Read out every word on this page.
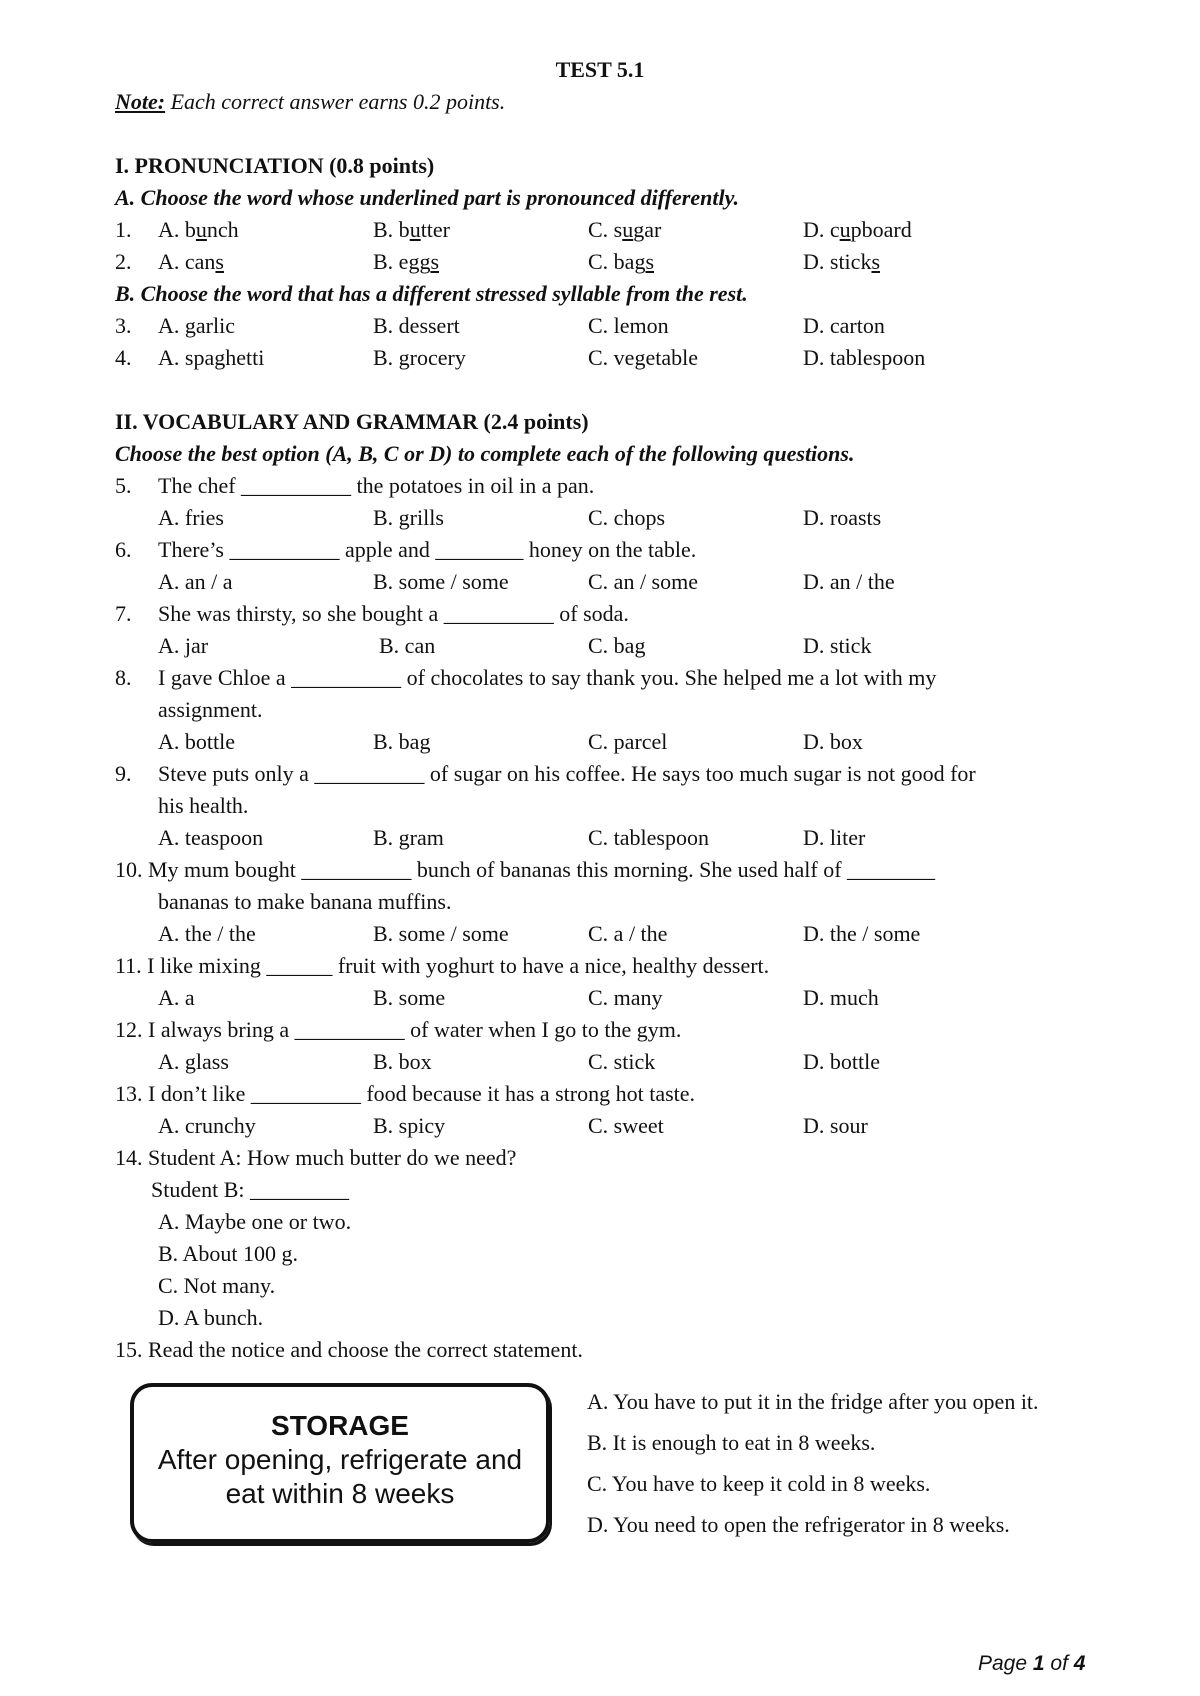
TEST 5.1
Note: Each correct answer earns 0.2 points.
I. PRONUNCIATION (0.8 points)
A. Choose the word whose underlined part is pronounced differently.
1. A. bunch	B. butter	C. sugar	D. cupboard
2. A. cans	B. eggs	C. bags	D. sticks
B. Choose the word that has a different stressed syllable from the rest.
3. A. garlic	B. dessert	C. lemon	D. carton
4. A. spaghetti	B. grocery	C. vegetable	D. tablespoon
II. VOCABULARY AND GRAMMAR (2.4 points)
Choose the best option (A, B, C or D) to complete each of the following questions.
5. The chef __________ the potatoes in oil in a pan.
A. fries	B. grills	C. chops	D. roasts
6. There’s __________ apple and ________ honey on the table.
A. an / a	B. some / some	C. an / some	D. an / the
7. She was thirsty, so she bought a __________ of soda.
A. jar	B. can	C. bag	D. stick
8. I gave Chloe a __________ of chocolates to say thank you. She helped me a lot with my
assignment.
A. bottle	B. bag	C. parcel	D. box
9. Steve puts only a __________ of sugar on his coffee. He says too much sugar is not good for
his health.
A. teaspoon	B. gram	C. tablespoon	D. liter
10. My mum bought __________ bunch of bananas this morning. She used half of ________
bananas to make banana muffins.
A. the / the	B. some / some	C. a / the	D. the / some
11. I like mixing ______ fruit with yoghurt to have a nice, healthy dessert.
A. a	B. some	C. many	D. much
12. I always bring a __________ of water when I go to the gym.
A. glass	B. box	C. stick	D. bottle
13. I don’t like __________ food because it has a strong hot taste.
A. crunchy	B. spicy	C. sweet	D. sour
14. Student A: How much butter do we need?
Student B: _________
A. Maybe one or two.
B. About 100 g.
C. Not many.
D. A bunch.
15. Read the notice and choose the correct statement.
STORAGE
After opening, refrigerate and eat within 8 weeks
A. You have to put it in the fridge after you open it.
B. It is enough to eat in 8 weeks.
C. You have to keep it cold in 8 weeks.
D. You need to open the refrigerator in 8 weeks.
Page 1 of 4
